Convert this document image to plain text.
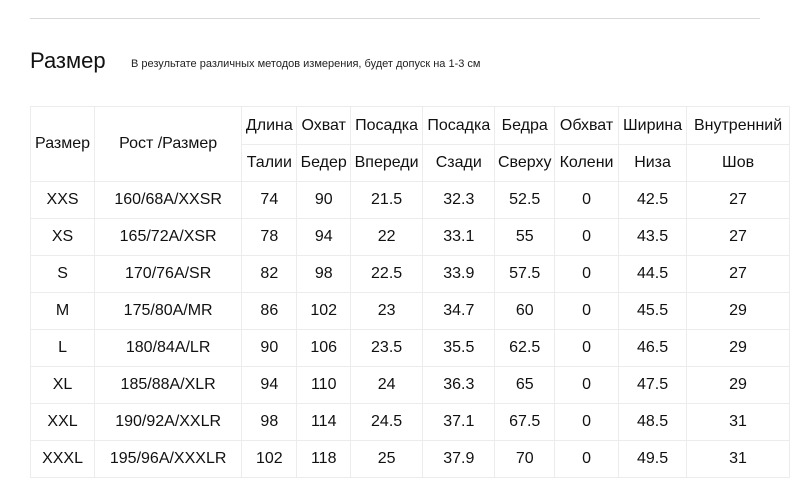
Размер В результате различных методов измерения, будет допуск на 1-3 см
Размер	Рост /Размер	Длина	Охват	Посадка	Посадка	Бедра	Обхват	Ширина	Внутренний
		Талии	Бедер	Впереди	Сзади	Сверху	Колени	Низа	Шов
XXS	160/68A/XXSR	74	90	21.5	32.3	52.5	0	42.5	27
XS	165/72A/XSR	78	94	22	33.1	55	0	43.5	27
S	170/76A/SR	82	98	22.5	33.9	57.5	0	44.5	27
M	175/80A/MR	86	102	23	34.7	60	0	45.5	29
L	180/84A/LR	90	106	23.5	35.5	62.5	0	46.5	29
XL	185/88A/XLR	94	110	24	36.3	65	0	47.5	29
XXL	190/92A/XXLR	98	114	24.5	37.1	67.5	0	48.5	31
XXXL	195/96A/XXXLR	102	118	25	37.9	70	0	49.5	31
